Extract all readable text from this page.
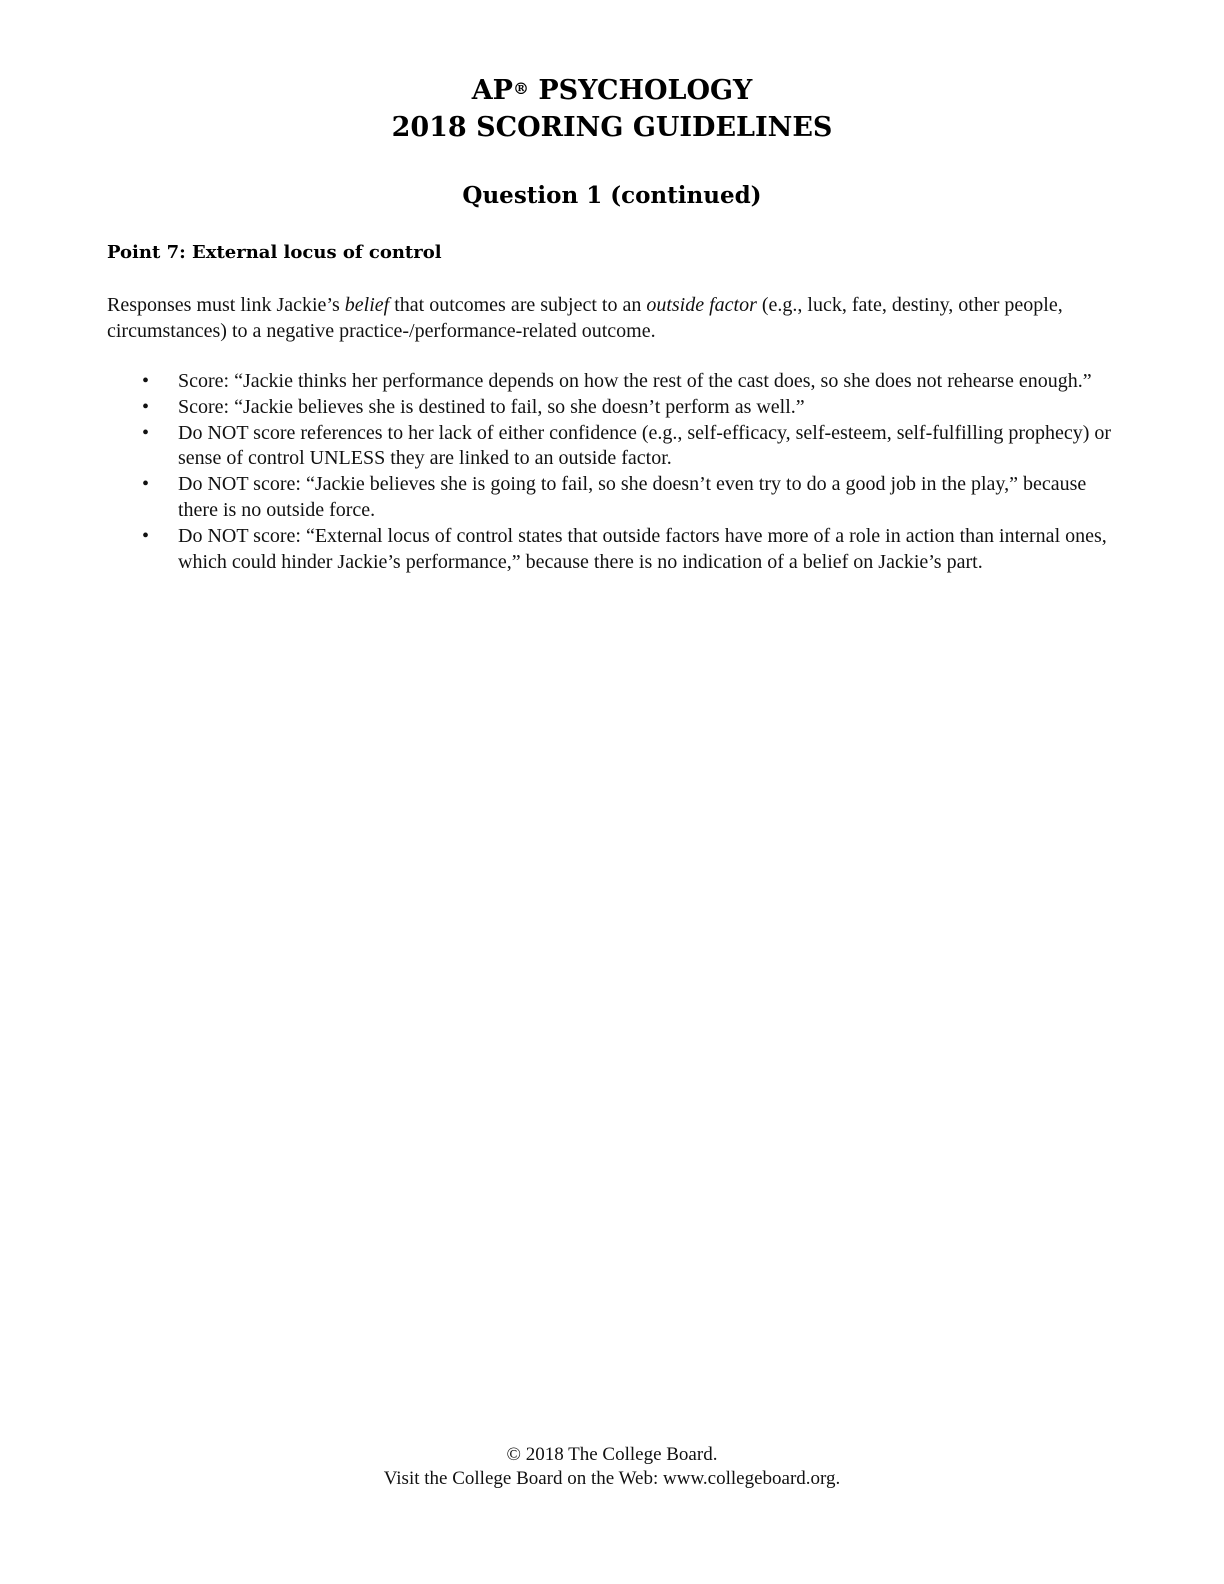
AP® PSYCHOLOGY
2018 SCORING GUIDELINES
Question 1 (continued)
Point 7: External locus of control
Responses must link Jackie’s belief that outcomes are subject to an outside factor (e.g., luck, fate, destiny, other people, circumstances) to a negative practice-/performance-related outcome.
• Score: “Jackie thinks her performance depends on how the rest of the cast does, so she does not rehearse enough.”
• Score: “Jackie believes she is destined to fail, so she doesn’t perform as well.”
• Do NOT score references to her lack of either confidence (e.g., self-efficacy, self-esteem, self-fulfilling prophecy) or sense of control UNLESS they are linked to an outside factor.
• Do NOT score: “Jackie believes she is going to fail, so she doesn’t even try to do a good job in the play,” because there is no outside force.
• Do NOT score: “External locus of control states that outside factors have more of a role in action than internal ones, which could hinder Jackie’s performance,” because there is no indication of a belief on Jackie’s part.
© 2018 The College Board.
Visit the College Board on the Web: www.collegeboard.org.
